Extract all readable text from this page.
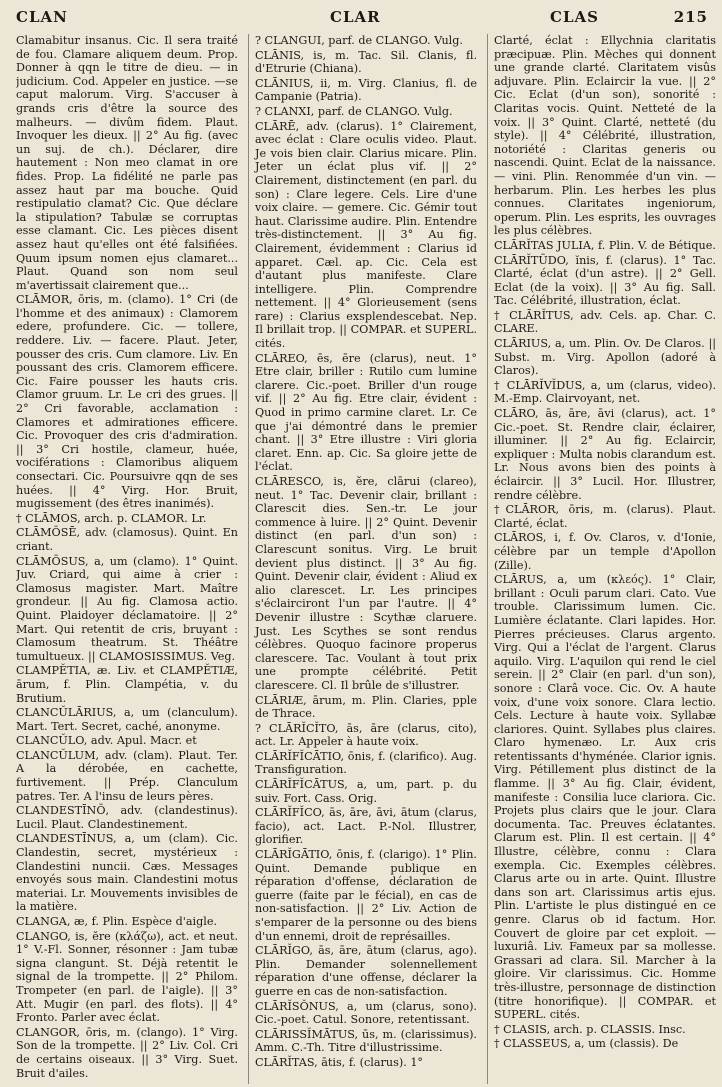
CLAN	CLAR	CLAS	215

Clamabitur insanus. Cic. Il sera traité de fou. Clamare aliquem deum. Prop. Donner à qqn le titre de dieu. — in judicium. Cod. Appeler en justice. —se caput malorum. Virg. S'accuser à grands cris d'être la source des malheurs. — divûm fidem. Plaut. Invoquer les dieux. || 2° Au fig. (avec un suj. de ch.). Déclarer, dire hautement : Non meo clamat in ore fides. Prop. La fidélité ne parle pas assez haut par ma bouche. Quid restipulatio clamat? Cic. Que déclare la stipulation? Tabulæ se corruptas esse clamant. Cic. Les pièces disent assez haut qu'elles ont été falsifiées. Quum ipsum nomen ejus clamaret... Plaut. Quand son nom seul m'avertissait clairement que...

CLĀMOR, ōris, m. (clamo). 1° Cri (de l'homme et des animaux) : Clamorem edere, profundere. Cic. — tollere, reddere. Liv. — facere. Plaut. Jeter, pousser des cris. Cum clamore. Liv. En poussant des cris. Clamorem efficere. Cic. Faire pousser les hauts cris. Clamor gruum. Lr. Le cri des grues. || 2° Cri favorable, acclamation : Clamores et admirationes efficere. Cic. Provoquer des cris d'admiration. || 3° Cri hostile, clameur, huée, vociférations : Clamoribus aliquem consectari. Cic. Poursuivre qqn de ses huées. || 4° Virg. Hor. Bruit, mugissement (des êtres inanimés).

† CLĀMOS, arch. p. CLAMOR. Lr.

CLĀMŌSĒ, adv. (clamosus). Quint. En criant.

CLĀMŌSUS, a, um (clamo). 1° Quint. Juv. Criard, qui aime à crier : Clamosus magister. Mart. Maître grondeur. || Au fig. Clamosa actio. Quint. Plaidoyer déclamatoire. || 2° Mart. Qui retentit de cris, bruyant : Clamosum theatrum. St. Théâtre tumultueux. || CLAMOSISSIMUS. Veg.

CLAMPĔTIA, æ. Liv. et CLAMPĔTIÆ, ārum, f. Plin. Clampétia, v. du Brutium.

CLANCŬLĀRIUS, a, um (clanculum). Mart. Tert. Secret, caché, anonyme.

CLANCŬLO, adv. Apul. Macr. et

CLANCŬLUM, adv. (clam). Plaut. Ter. A la dérobée, en cachette, furtivement. || Prép. Clanculum patres. Ter. A l'insu de leurs pères.

CLANDESTĪNŌ, adv. (clandestinus). Lucil. Plaut. Clandestinement.

CLANDESTĪNUS, a, um (clam). Cic. Clandestin, secret, mystérieux : Clandestini nuncii. Cæs. Messages envoyés sous main. Clandestini motus materiai. Lr. Mouvements invisibles de la matière.

CLANGA, æ, f. Plin. Espèce d'aigle.

CLANGO, is, ĕre (κλάζω), act. et neut. 1° V.-Fl. Sonner, résonner : Jam tubæ signa clangunt. St. Déjà retentit le signal de la trompette. || 2° Philom. Trompeter (en parl. de l'aigle). || 3° Att. Mugir (en parl. des flots). || 4° Fronto. Parler avec éclat.

CLANGOR, ōris, m. (clango). 1° Virg. Son de la trompette. || 2° Liv. Col. Cri de certains oiseaux. || 3° Virg. Suet. Bruit d'ailes.

? CLANGUI, parf. de CLANGO. Vulg.

CLĀNIS, is, m. Tac. Sil. Clanis, fl. d'Etrurie (Chiana).

CLĀNIUS, ii, m. Virg. Clanius, fl. de Campanie (Patria).

? CLANXI, parf. de CLANGO. Vulg.

CLĀRĒ, adv. (clarus). 1° Clairement, avec éclat : Clare oculis video. Plaut. Je vois bien clair. Clarius micare. Plin. Jeter un éclat plus vif. || 2° Clairement, distinctement (en parl. du son) : Clare legere. Cels. Lire d'une voix claire. — gemere. Cic. Gémir tout haut. Clarissime audire. Plin. Entendre très-distinctement. || 3° Au fig. Clairement, évidemment : Clarius id apparet. Cæl. ap. Cic. Cela est d'autant plus manifeste. Clare intelligere. Plin. Comprendre nettement. || 4° Glorieusement (sens rare) : Clarius exsplendescebat. Nep. Il brillait trop. || COMPAR. et SUPERL. cités.

CLĀREO, ēs, ēre (clarus), neut. 1° Etre clair, briller : Rutilo cum lumine clarere. Cic.-poet. Briller d'un rouge vif. || 2° Au fig. Etre clair, évident : Quod in primo carmine claret. Lr. Ce que j'ai démontré dans le premier chant. || 3° Etre illustre : Viri gloria claret. Enn. ap. Cic. Sa gloire jette de l'éclat.

CLĀRESCO, is, ĕre, clārui (clareo), neut. 1° Tac. Devenir clair, brillant : Clarescit dies. Sen.-tr. Le jour commence à luire. || 2° Quint. Devenir distinct (en parl. d'un son) : Clarescunt sonitus. Virg. Le bruit devient plus distinct. || 3° Au fig. Quint. Devenir clair, évident : Aliud ex alio clarescet. Lr. Les principes s'éclairciront l'un par l'autre. || 4° Devenir illustre : Scythæ claruere. Just. Les Scythes se sont rendus célèbres. Quoquo facinore properus clarescere. Tac. Voulant à tout prix une prompte célébrité. Petit clarescere. Cl. Il brûle de s'illustrer.

CLĀRIÆ, ārum, m. Plin. Claries, pple de Thrace.

? CLĀRĬCĬTO, ās, āre (clarus, cito), act. Lr. Appeler à haute voix.

CLĀRĬFĬCĀTIO, ōnis, f. (clarifico). Aug. Transfiguration.

CLĀRĬFĬCĀTUS, a, um, part. p. du suiv. Fort. Cass. Orig.

CLĀRĬFĬCO, ās, āre, āvi, ātum (clarus, facio), act. Lact. P.-Nol. Illustrer, glorifier.

CLĀRĬGĀTIO, ōnis, f. (clarigo). 1° Plin. Quint. Demande publique en réparation d'offense, déclaration de guerre (faite par le fécial), en cas de non-satisfaction. || 2° Liv. Action de s'emparer de la personne ou des biens d'un ennemi, droit de représailles.

CLĀRĬGO, ās, āre, ātum (clarus, ago). Plin. Demander solennellement réparation d'une offense, déclarer la guerre en cas de non-satisfaction.

CLĀRĬSŎNUS, a, um (clarus, sono). Cic.-poet. Catul. Sonore, retentissant.

CLĀRISSĬMĀTUS, ūs, m. (clarissimus). Amm. C.-Th. Titre d'illustrissime.

CLĀRĬTAS, ātis, f. (clarus). 1°

Clarté, éclat : Ellychnia claritatis præcipuæ. Plin. Mèches qui donnent une grande clarté. Claritatem visûs adjuvare. Plin. Eclaircir la vue. || 2° Cic. Eclat (d'un son), sonorité : Claritas vocis. Quint. Netteté de la voix. || 3° Quint. Clarté, netteté (du style). || 4° Célébrité, illustration, notoriété : Claritas generis ou nascendi. Quint. Eclat de la naissance. — vini. Plin. Renommée d'un vin. — herbarum. Plin. Les herbes les plus connues. Claritates ingeniorum, operum. Plin. Les esprits, les ouvrages les plus célèbres.

CLĀRĬTAS JULIA, f. Plin. V. de Bétique.

CLĀRĬTŪDO, ĭnis, f. (clarus). 1° Tac. Clarté, éclat (d'un astre). || 2° Gell. Eclat (de la voix). || 3° Au fig. Sall. Tac. Célébrité, illustration, éclat.

† CLĀRĬTUS, adv. Cels. ap. Char. C. CLARE.

CLĀRIUS, a, um. Plin. Ov. De Claros. || Subst. m. Virg. Apollon (adoré à Claros).

† CLĀRĬVĬDUS, a, um (clarus, video). M.-Emp. Clairvoyant, net.

CLĀRO, ās, āre, āvi (clarus), act. 1° Cic.-poet. St. Rendre clair, éclairer, illuminer. || 2° Au fig. Eclaircir, expliquer : Multa nobis clarandum est. Lr. Nous avons bien des points à éclaircir. || 3° Lucil. Hor. Illustrer, rendre célèbre.

†CLĀROR, ōris, m. (clarus). Plaut. Clarté, éclat.

CLĀROS, i, f. Ov. Claros, v. d'Ionie, célèbre par un temple d'Apollon (Zille).

CLĀRUS, a, um (κλεός). 1° Clair, brillant : Oculi parum clari. Cato. Vue trouble. Clarissimum lumen. Cic. Lumière éclatante. Clari lapides. Hor. Pierres précieuses. Clarus argento. Virg. Qui a l'éclat de l'argent. Clarus aquilo. Virg. L'aquilon qui rend le ciel serein. || 2° Clair (en parl. d'un son), sonore : Clarâ voce. Cic. Ov. A haute voix, d'une voix sonore. Clara lectio. Cels. Lecture à haute voix. Syllabæ clariores. Quint. Syllabes plus claires. Claro hymenæo. Lr. Aux cris retentissants d'hyménée. Clarior ignis. Virg. Pétillement plus distinct de la flamme. || 3° Au fig. Clair, évident, manifeste : Consilia luce clariora. Cic. Projets plus clairs que le jour. Clara documenta. Tac. Preuves éclatantes. Clarum est. Plin. Il est certain. || 4° Illustre, célèbre, connu : Clara exempla. Cic. Exemples célèbres. Clarus arte ou in arte. Quint. Illustre dans son art. Clarissimus artis ejus. Plin. L'artiste le plus distingué en ce genre. Clarus ob id factum. Hor. Couvert de gloire par cet exploit. — luxuriâ. Liv. Fameux par sa mollesse. Grassari ad clara. Sil. Marcher à la gloire. Vir clarissimus. Cic. Homme très-illustre, personnage de distinction (titre honorifique). || COMPAR. et SUPERL. cités.

† CLASIS, arch. p. CLASSIS. Insc.

† CLASSEUS, a, um (classis). De
